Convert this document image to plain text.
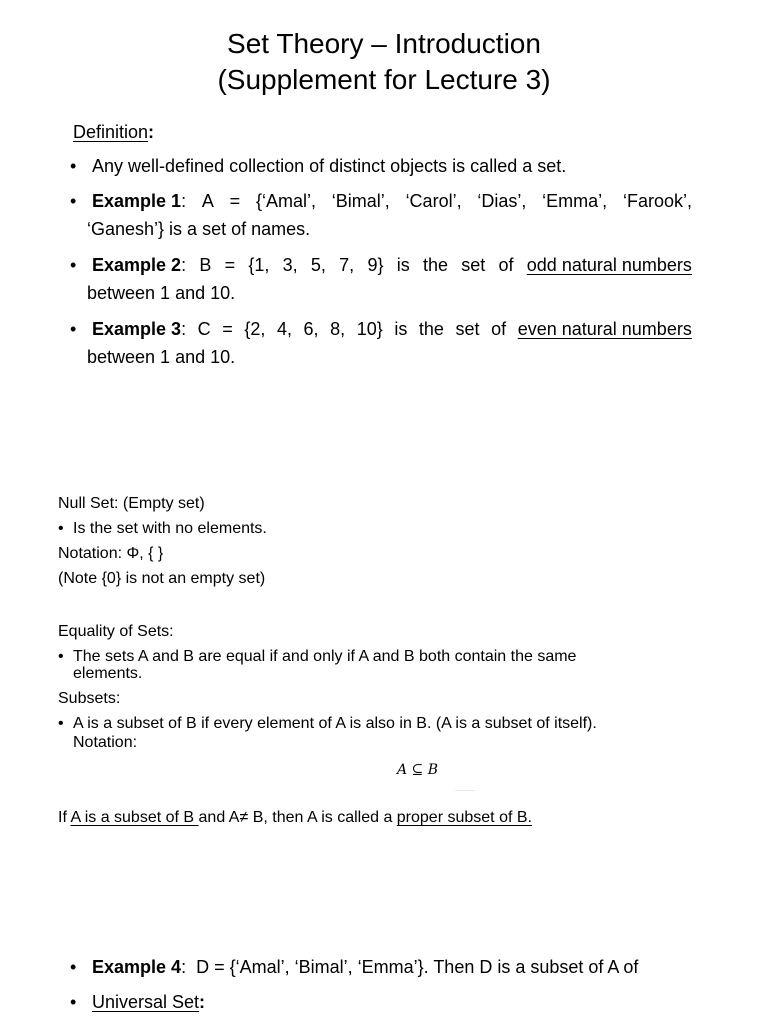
Set Theory – Introduction
(Supplement for Lecture 3)
Definition:
• Any well-defined collection of distinct objects is called a set.
• Example 1: A = {‘Amal’, ‘Bimal’, ‘Carol’, ‘Dias’, ‘Emma’, ‘Farook’,
‘Ganesh’} is a set of names.
• Example 2: B = {1, 3, 5, 7, 9} is the set of odd natural numbers
between 1 and 10.
• Example 3: C = {2, 4, 6, 8, 10} is the set of even natural numbers
between 1 and 10.
Null Set: (Empty set)
• Is the set with no elements.
Notation: Φ, { }
(Note {0} is not an empty set)
Equality of Sets:
• The sets A and B are equal if and only if A and B both contain the same
elements.
Subsets:
• A is a subset of B if every element of A is also in B. (A is a subset of itself).
Notation:
A ⊆ B
If A is a subset of B and A≠ B, then A is called a proper subset of B.
• Example 4:  D = {‘Amal’, ‘Bimal’, ‘Emma’}. Then D is a subset of A of
• Universal Set:
